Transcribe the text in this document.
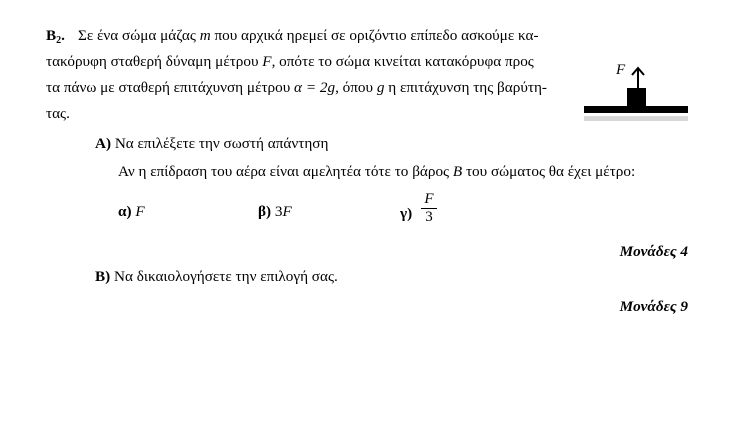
$B_2$. Σε ένα σώμα μάζας m που αρχικά ηρεμεί σε οριζόντιο επίπεδο ασκούμε κα-
τακόρυφη σταθερή δύναμη μέτρου F, οπότε το σώμα κινείται κατακόρυφα προς
τα πάνω με σταθερή επιτάχυνση μέτρου α = 2g, όπου g η επιτάχυνση της βαρύτη-
τας.
F
A) Να επιλέξετε την σωστή απάντηση
Αν η επίδραση του αέρα είναι αμελητέα τότε το βάρος B του σώματος θα έχει μέτρο:
α) F	β) 3F	γ)
F
3
Μονάδες 4
B) Να δικαιολογήσετε την επιλογή σας.
Μονάδες 9
